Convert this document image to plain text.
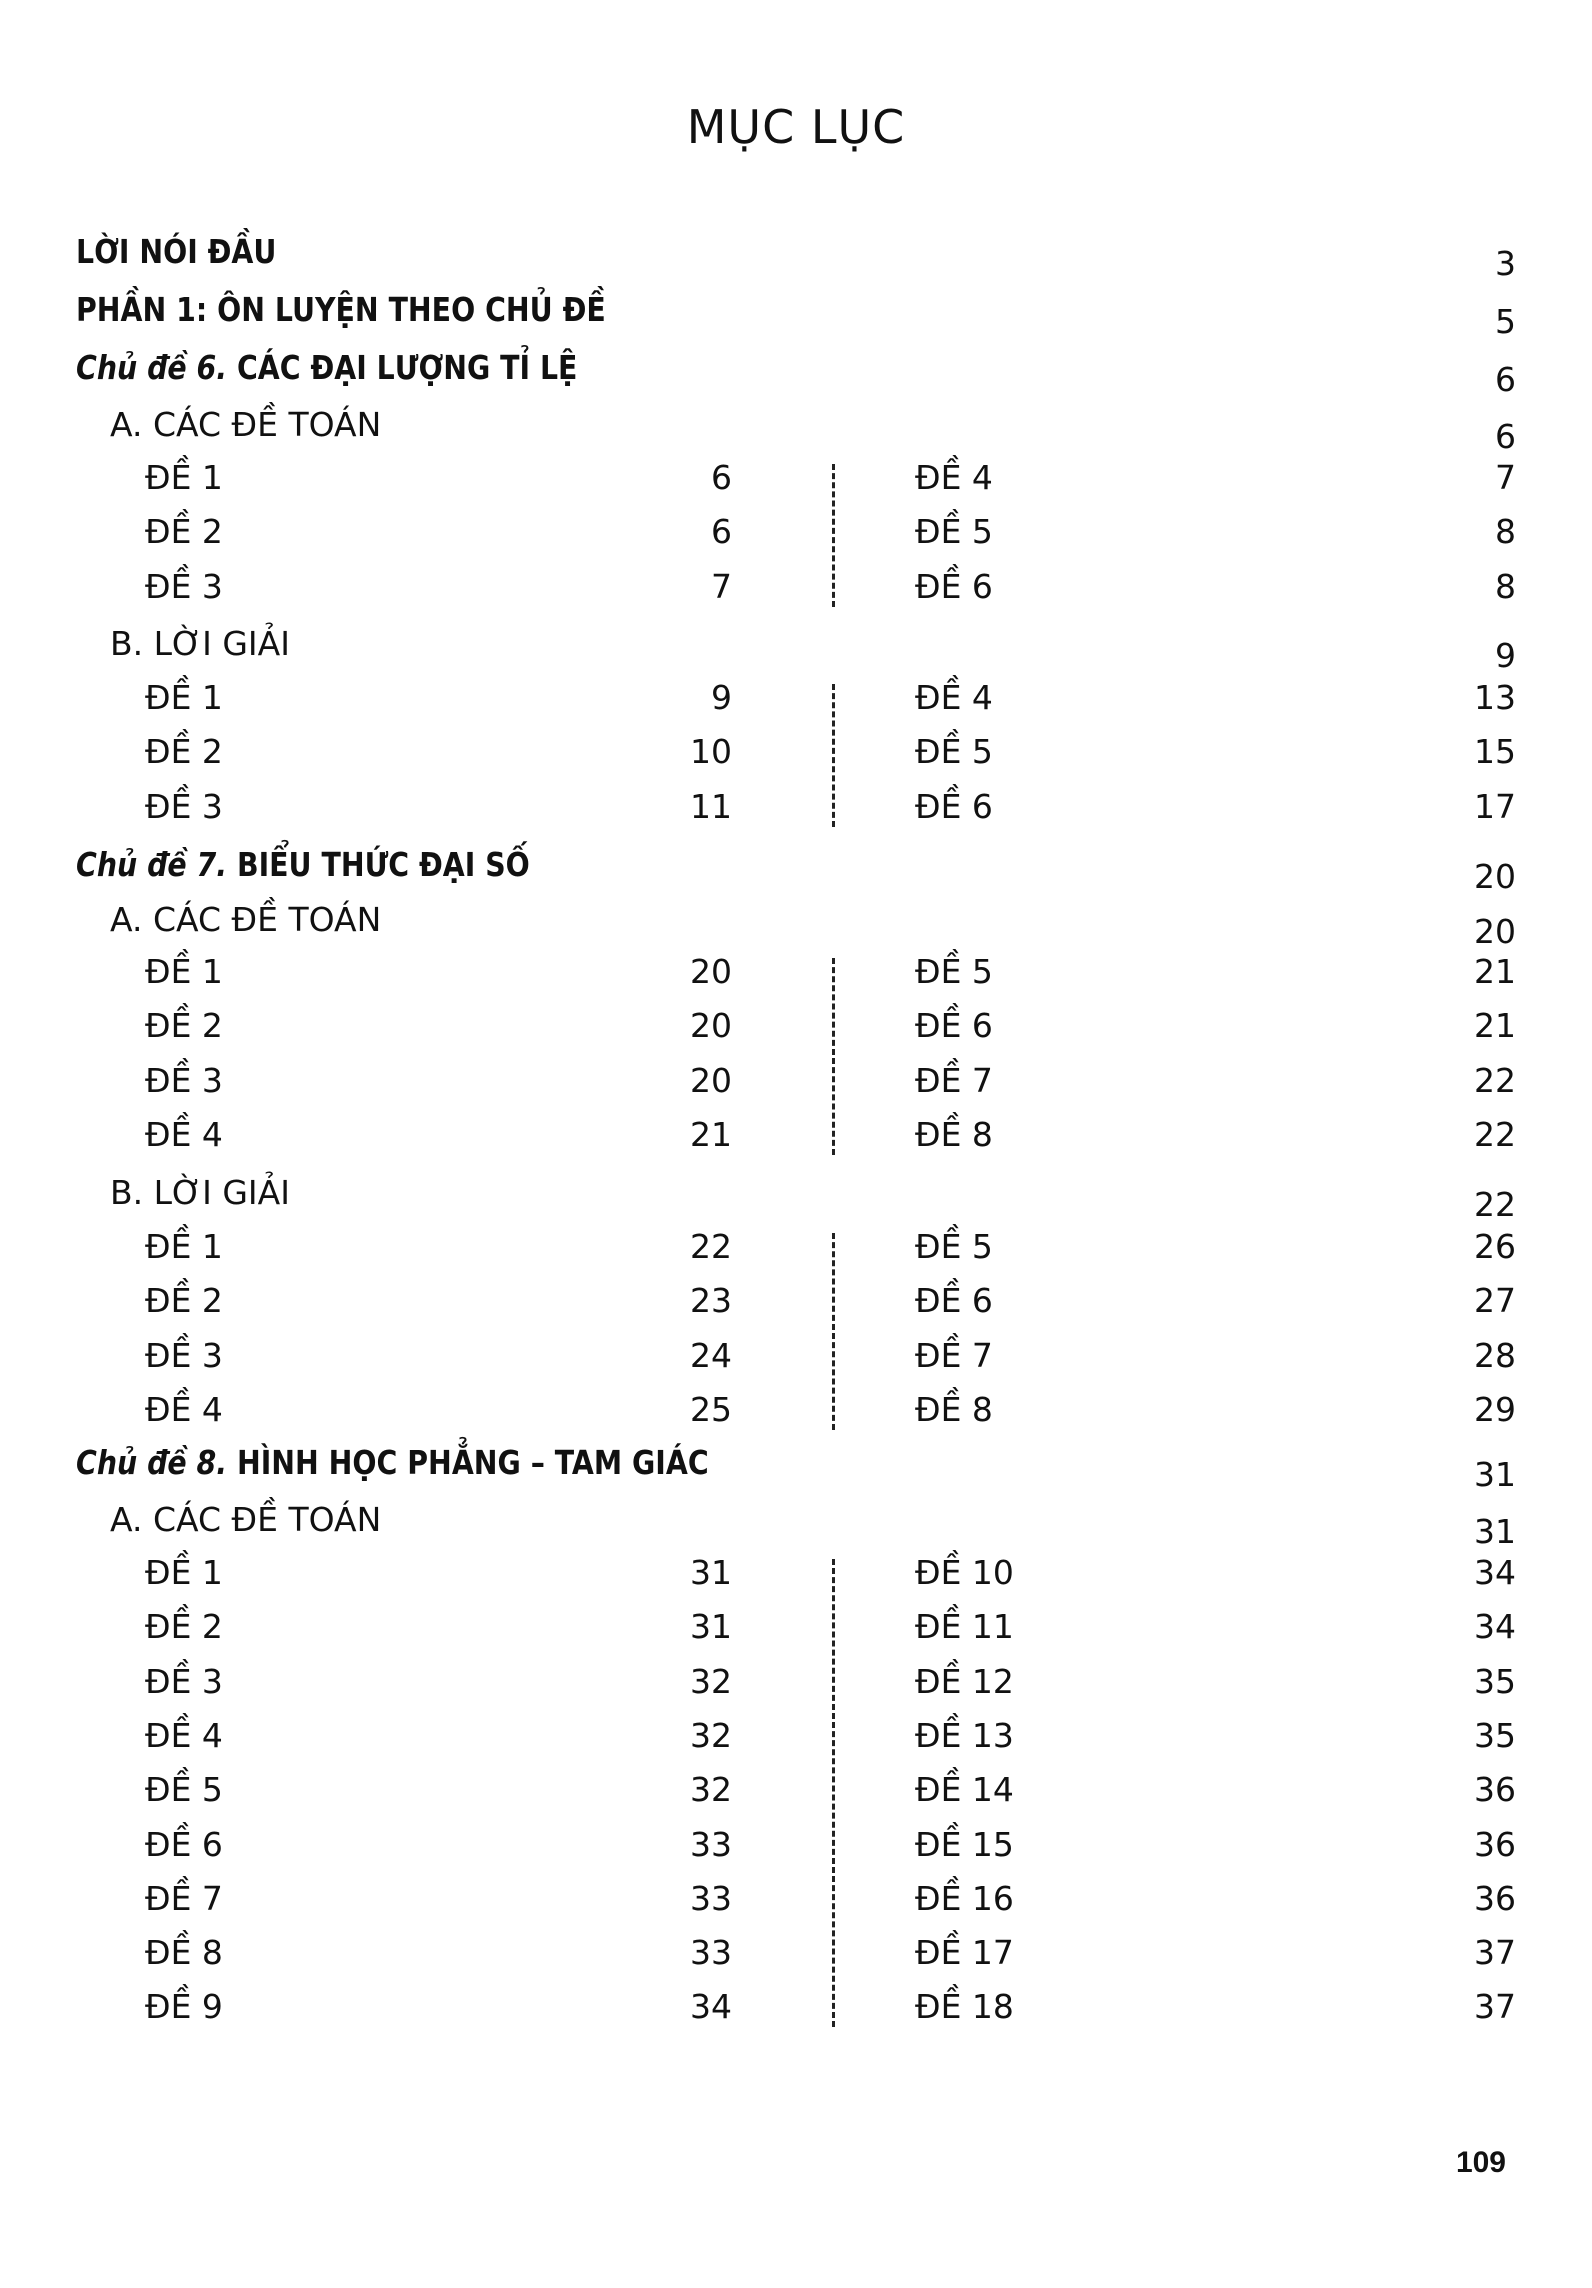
MỤC LỤC
LỜI NÓI ĐẦU	3
PHẦN 1: ÔN LUYỆN THEO CHỦ ĐỀ	5
Chủ đề 6. CÁC ĐẠI LƯỢNG TỈ LỆ	6
A. CÁC ĐỀ TOÁN	6
ĐỀ 1	6	ĐỀ 4	7
ĐỀ 2	6	ĐỀ 5	8
ĐỀ 3	7	ĐỀ 6	8
B. LỜI GIẢI	9
ĐỀ 1	9	ĐỀ 4	13
ĐỀ 2	10	ĐỀ 5	15
ĐỀ 3	11	ĐỀ 6	17
Chủ đề 7. BIỂU THỨC ĐẠI SỐ	20
A. CÁC ĐỀ TOÁN	20
ĐỀ 1	20	ĐỀ 5	21
ĐỀ 2	20	ĐỀ 6	21
ĐỀ 3	20	ĐỀ 7	22
ĐỀ 4	21	ĐỀ 8	22
B. LỜI GIẢI	22
ĐỀ 1	22	ĐỀ 5	26
ĐỀ 2	23	ĐỀ 6	27
ĐỀ 3	24	ĐỀ 7	28
ĐỀ 4	25	ĐỀ 8	29
Chủ đề 8. HÌNH HỌC PHẲNG – TAM GIÁC	31
A. CÁC ĐỀ TOÁN	31
ĐỀ 1	31	ĐỀ 10	34
ĐỀ 2	31	ĐỀ 11	34
ĐỀ 3	32	ĐỀ 12	35
ĐỀ 4	32	ĐỀ 13	35
ĐỀ 5	32	ĐỀ 14	36
ĐỀ 6	33	ĐỀ 15	36
ĐỀ 7	33	ĐỀ 16	36
ĐỀ 8	33	ĐỀ 17	37
ĐỀ 9	34	ĐỀ 18	37
109
